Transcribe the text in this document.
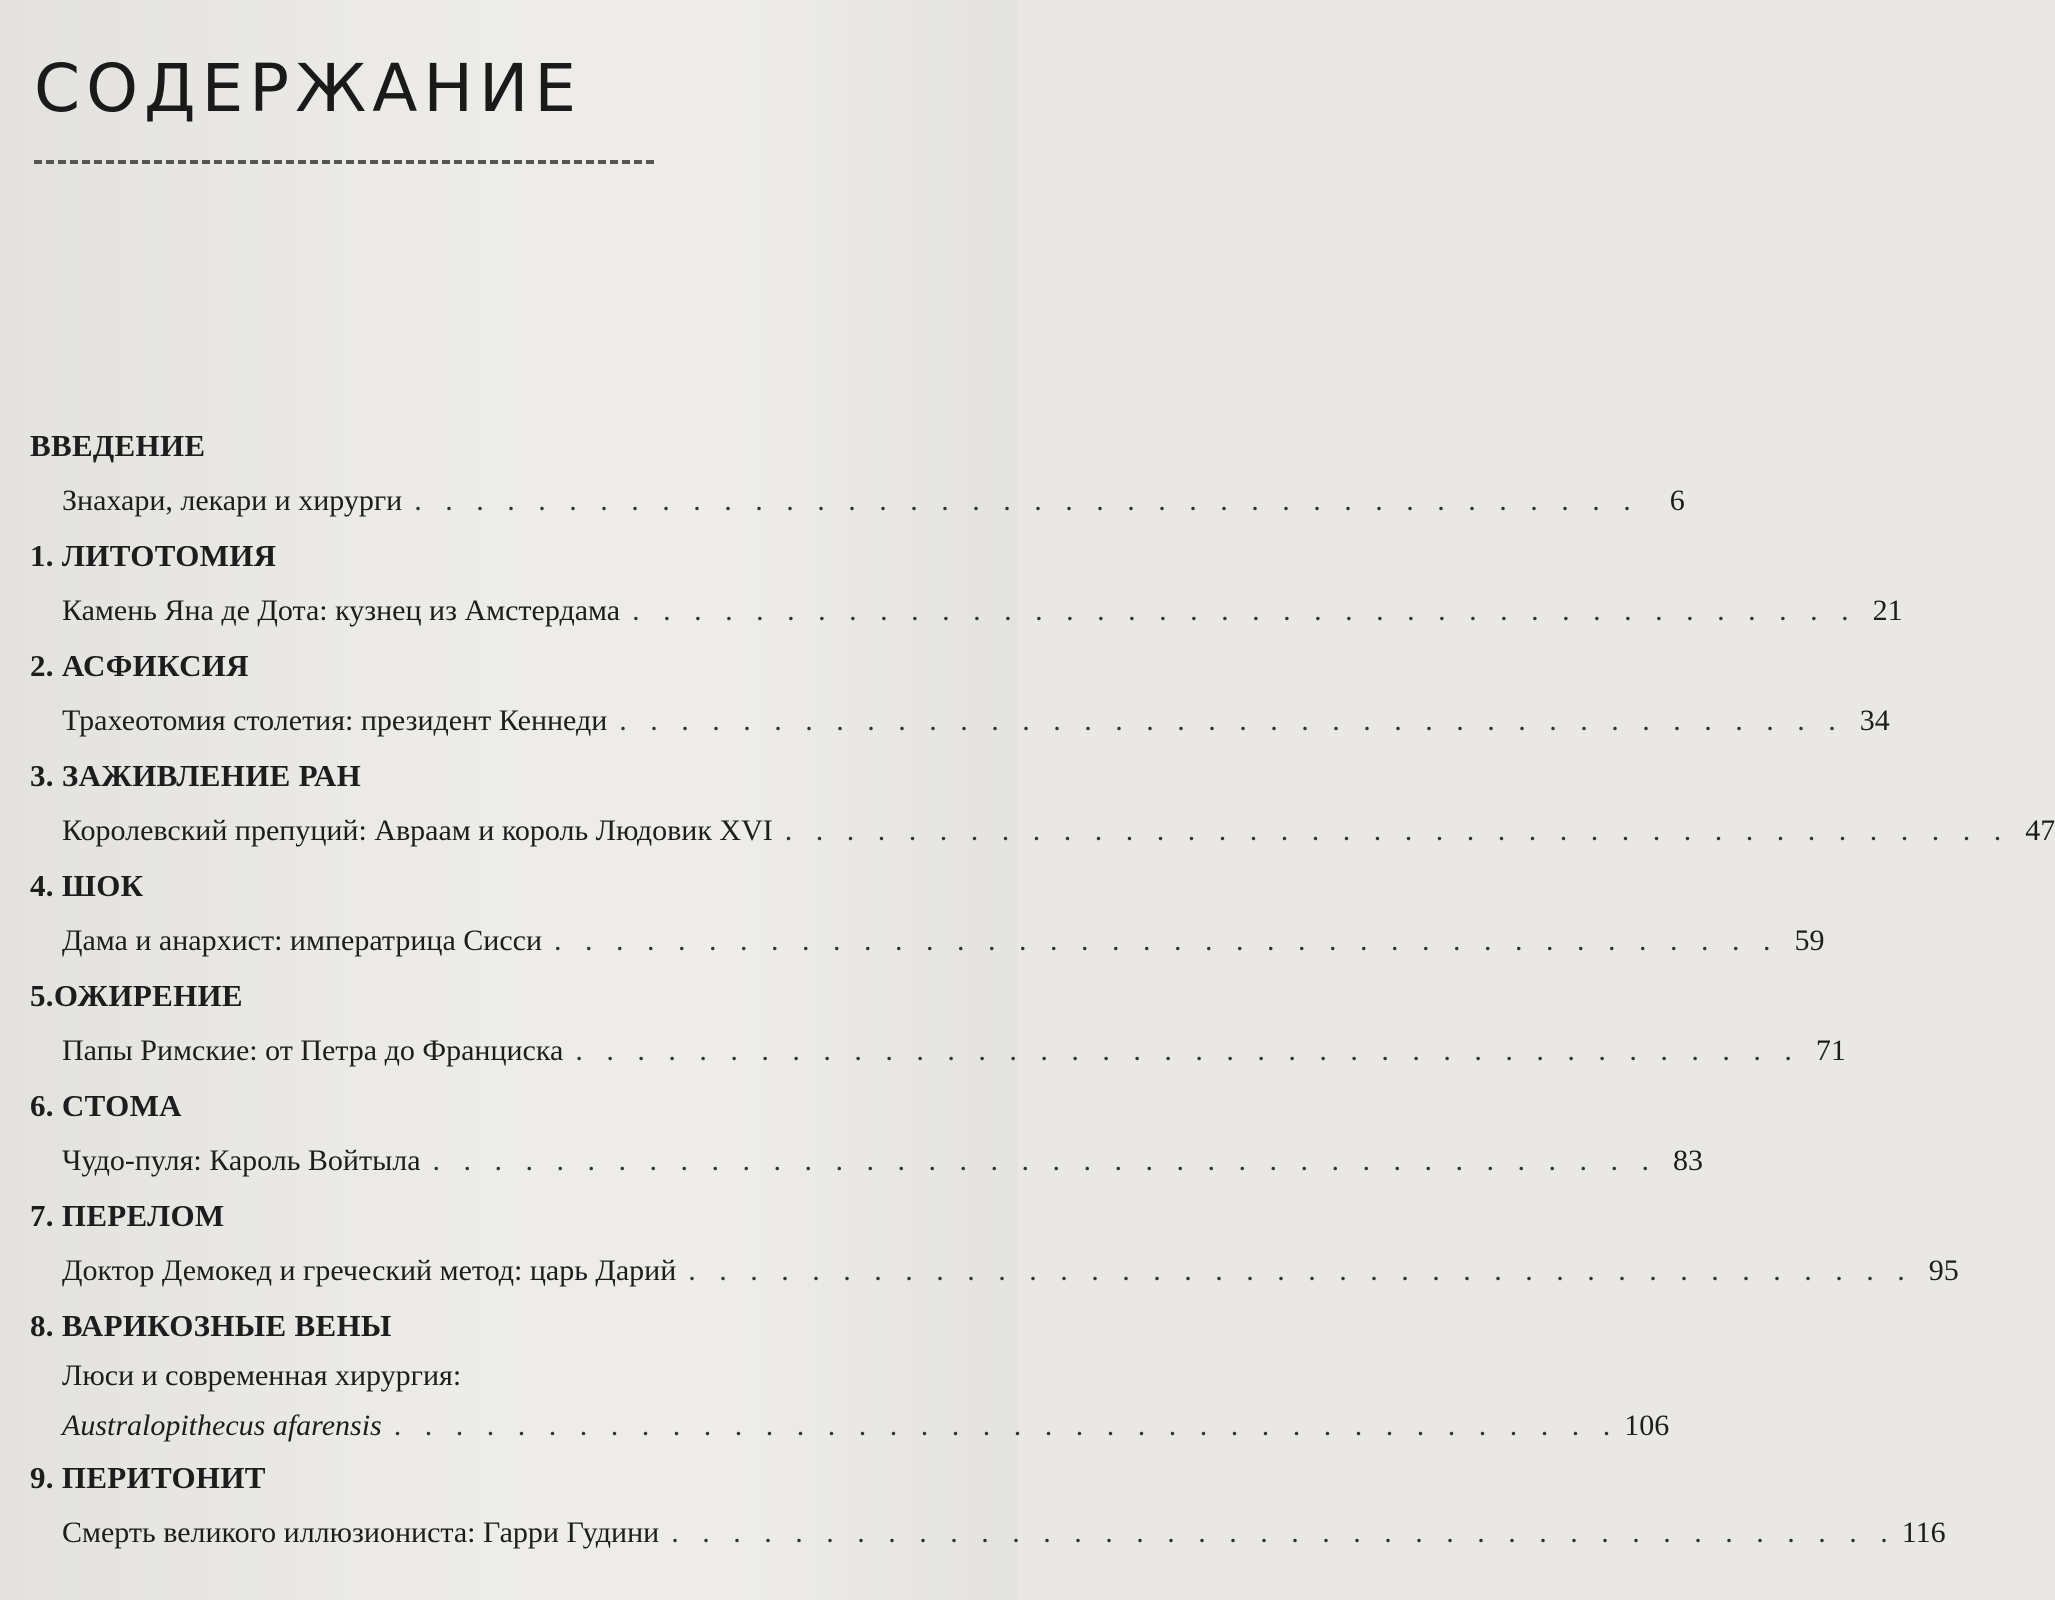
СОДЕРЖАНИЕ
ВВЕДЕНИЕ
Знахари, лекари и хирурги . . . . . . . . . . . . . . . . . . . . . . . . . . . . . . . . . . . . . . . .	6
1. ЛИТОТОМИЯ
Камень Яна де Дота: кузнец из Амстердама . . . . . . . . . . . . . . . . . . . . . . . . . . . . . . . . . . . . . . . . 21
2. АСФИКСИЯ
Трахеотомия столетия: президент Кеннеди . . . . . . . . . . . . . . . . . . . . . . . . . . . . . . . . . . . . . . . . 34
3. ЗАЖИВЛЕНИЕ РАН
Королевский препуций: Авраам и король Людовик XVI . . . . . . . . . . . . . . . . . . . . . . . . . . . . . . . . . . . . . . . . 47
4. ШОК
Дама и анархист: императрица Сисси . . . . . . . . . . . . . . . . . . . . . . . . . . . . . . . . . . . . . . . . 59
5.ОЖИРЕНИЕ
Папы Римские: от Петра до Франциска . . . . . . . . . . . . . . . . . . . . . . . . . . . . . . . . . . . . . . . . 71
6. СТОМА
Чудо-пуля: Кароль Войтыла . . . . . . . . . . . . . . . . . . . . . . . . . . . . . . . . . . . . . . . . 83
7. ПЕРЕЛОМ
Доктор Демокед и греческий метод: царь Дарий . . . . . . . . . . . . . . . . . . . . . . . . . . . . . . . . . . . . . . . . 95
8. ВАРИКОЗНЫЕ ВЕНЫ
Люси и современная хирургия:
Australopithecus afarensis . . . . . . . . . . . . . . . . . . . . . . . . . . . . . . . . . . . . . . . . 106
9. ПЕРИТОНИТ
Смерть великого иллюзиониста: Гарри Гудини . . . . . . . . . . . . . . . . . . . . . . . . . . . . . . . . . . . . . . . . 116
